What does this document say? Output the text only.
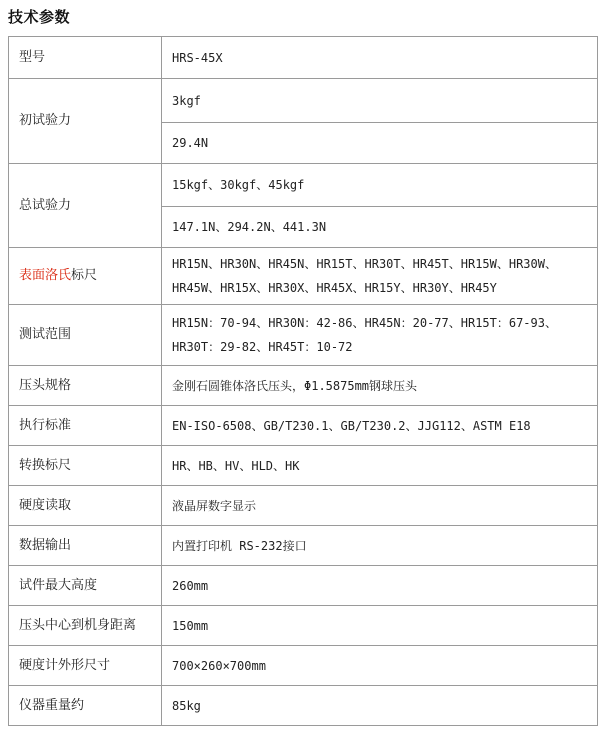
技术参数
型号	HRS-45X
初试验力	3kgf
	29.4N
总试验力	15kgf、30kgf、45kgf
	147.1N、294.2N、441.3N
表面洛氏标尺	HR15N、HR30N、HR45N、HR15T、HR30T、HR45T、HR15W、HR30W、
HR45W、HR15X、HR30X、HR45X、HR15Y、HR30Y、HR45Y

测试范围	HR15N：70-94、HR30N：42-86、HR45N：20-77、HR15T：67-93、
HR30T：29-82、HR45T：10-72

压头规格	金刚石圆锥体洛氏压头，Φ1.5875mm钢球压头
执行标准	EN-ISO-6508、GB/T230.1、GB/T230.2、JJG112、ASTM E18
转换标尺	HR、HB、HV、HLD、HK
硬度读取	液晶屏数字显示
数据输出	内置打印机 RS-232接口
试件最大高度	260mm
压头中心到机身距离	150mm
硬度计外形尺寸	700×260×700mm
仪器重量约	85kg
